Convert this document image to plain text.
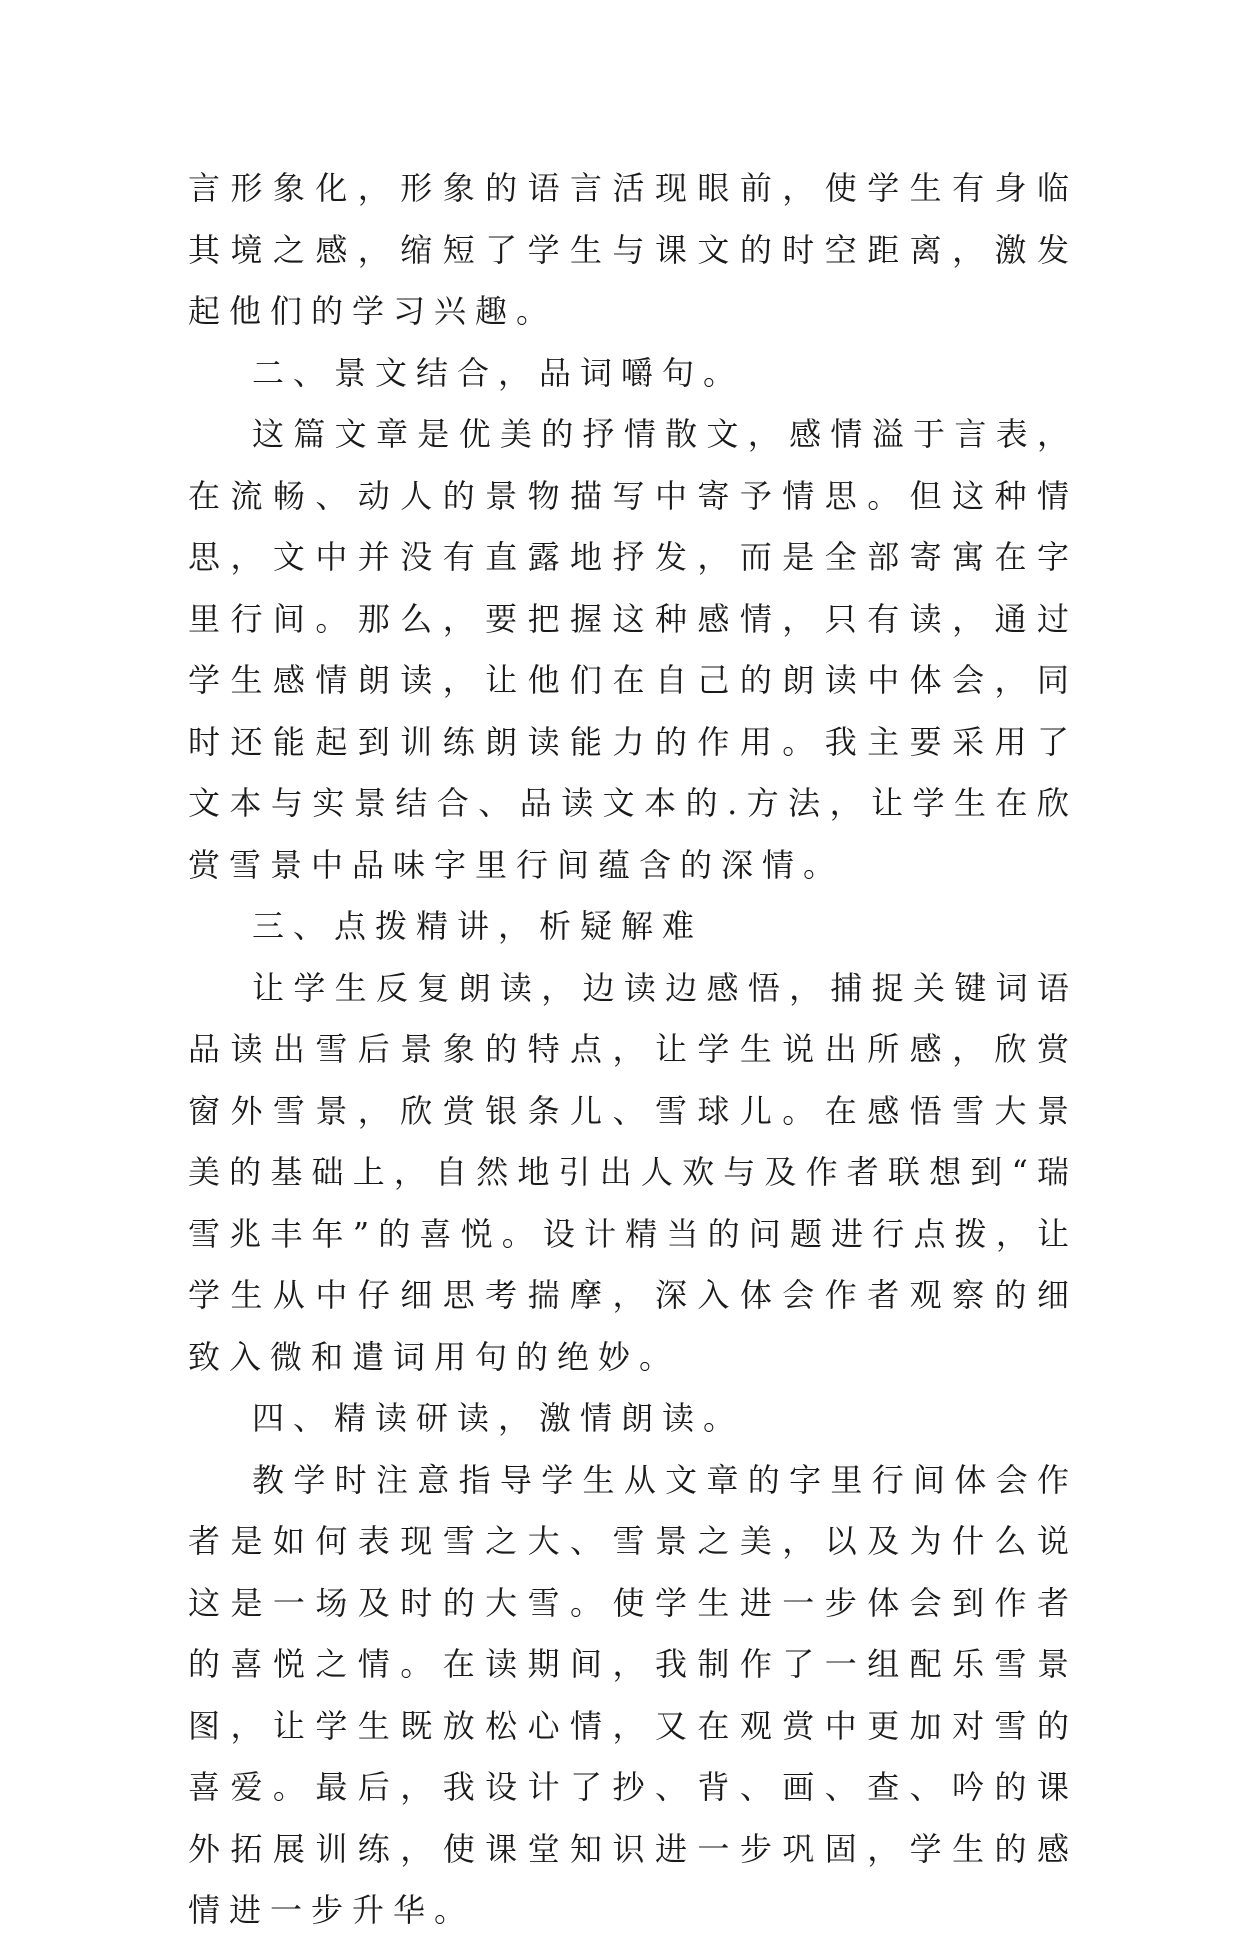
言形象化，形象的语言活现眼前，使学生有身临其境之感，缩短了学生与课文的时空距离，激发起他们的学习兴趣。

二、景文结合，品词嚼句。

这篇文章是优美的抒情散文，感情溢于言表，在流畅、动人的景物描写中寄予情思。但这种情思，文中并没有直露地抒发，而是全部寄寓在字里行间。那么，要把握这种感情，只有读，通过学生感情朗读，让他们在自己的朗读中体会，同时还能起到训练朗读能力的作用。我主要采用了文本与实景结合、品读文本的.方法，让学生在欣赏雪景中品味字里行间蕴含的深情。

三、点拨精讲，析疑解难

让学生反复朗读，边读边感悟，捕捉关键词语品读出雪后景象的特点，让学生说出所感，欣赏窗外雪景，欣赏银条儿、雪球儿。在感悟雪大景美的基础上，自然地引出人欢与及作者联想到“瑞雪兆丰年”的喜悦。设计精当的问题进行点拨，让学生从中仔细思考揣摩，深入体会作者观察的细致入微和遣词用句的绝妙。

四、精读研读，激情朗读。

教学时注意指导学生从文章的字里行间体会作者是如何表现雪之大、雪景之美，以及为什么说这是一场及时的大雪。使学生进一步体会到作者的喜悦之情。在读期间，我制作了一组配乐雪景图，让学生既放松心情，又在观赏中更加对雪的喜爱。最后，我设计了抄、背、画、查、吟的课外拓展训练，使课堂知识进一步巩固，学生的感情进一步升华。
